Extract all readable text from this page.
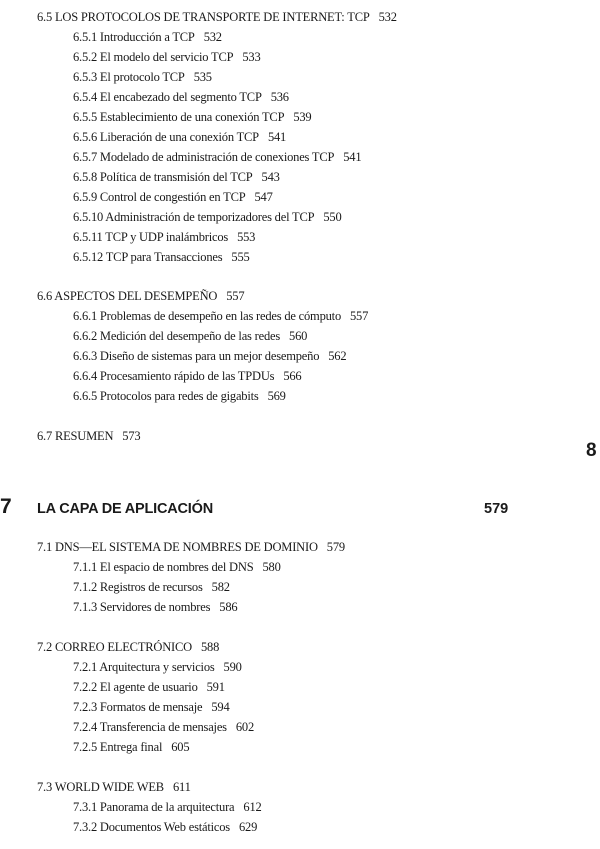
6.5 LOS PROTOCOLOS DE TRANSPORTE DE INTERNET: TCP 532
6.5.1 Introducción a TCP 532
6.5.2 El modelo del servicio TCP 533
6.5.3 El protocolo TCP 535
6.5.4 El encabezado del segmento TCP 536
6.5.5 Establecimiento de una conexión TCP 539
6.5.6 Liberación de una conexión TCP 541
6.5.7 Modelado de administración de conexiones TCP 541
6.5.8 Política de transmisión del TCP 543
6.5.9 Control de congestión en TCP 547
6.5.10 Administración de temporizadores del TCP 550
6.5.11 TCP y UDP inalámbricos 553
6.5.12 TCP para Transacciones 555
6.6 ASPECTOS DEL DESEMPEÑO 557
6.6.1 Problemas de desempeño en las redes de cómputo 557
6.6.2 Medición del desempeño de las redes 560
6.6.3 Diseño de sistemas para un mejor desempeño 562
6.6.4 Procesamiento rápido de las TPDUs 566
6.6.5 Protocolos para redes de gigabits 569
6.7 RESUMEN 573
8
7 LA CAPA DE APLICACIÓN	579
7.1 DNS—EL SISTEMA DE NOMBRES DE DOMINIO 579
7.1.1 El espacio de nombres del DNS 580
7.1.2 Registros de recursos 582
7.1.3 Servidores de nombres 586
7.2 CORREO ELECTRÓNICO 588
7.2.1 Arquitectura y servicios 590
7.2.2 El agente de usuario 591
7.2.3 Formatos de mensaje 594
7.2.4 Transferencia de mensajes 602
7.2.5 Entrega final 605
7.3 WORLD WIDE WEB 611
7.3.1 Panorama de la arquitectura 612
7.3.2 Documentos Web estáticos 629
